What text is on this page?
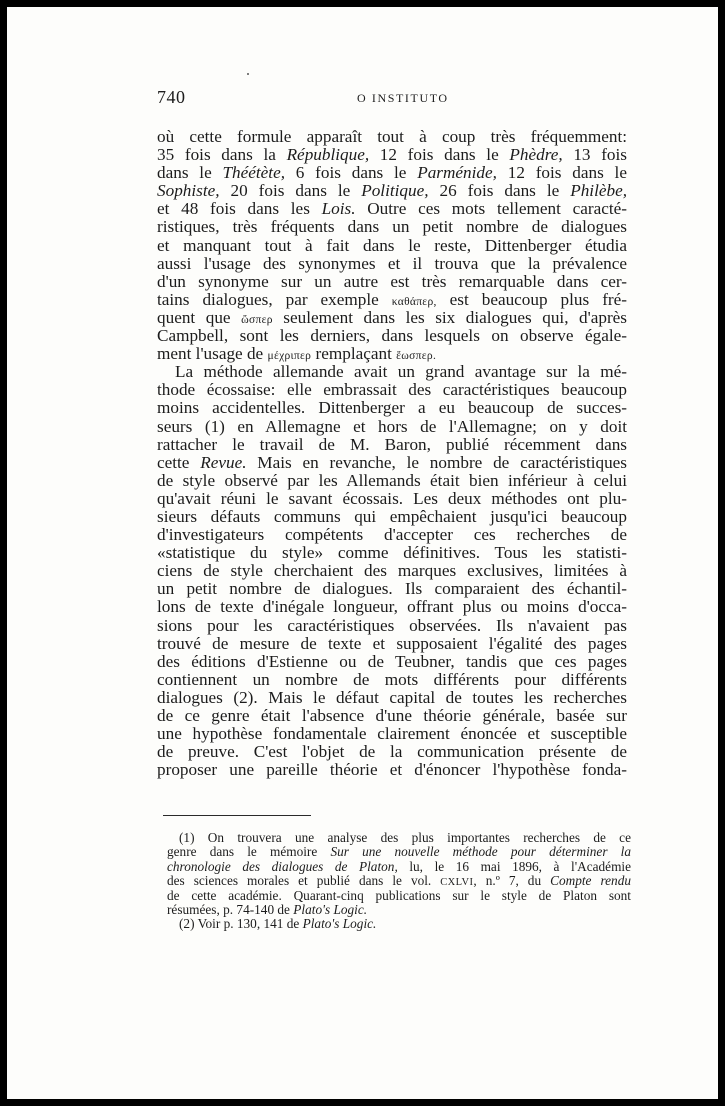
740	O INSTITUTO
où cette formule apparaît tout à coup très fréquemment:
35 fois dans la République, 12 fois dans le Phèdre, 13 fois
dans le Théétète, 6 fois dans le Parménide, 12 fois dans le
Sophiste, 20 fois dans le Politique, 26 fois dans le Philèbe,
et 48 fois dans les Lois. Outre ces mots tellement caracté-
ristiques, très fréquents dans un petit nombre de dialogues
et manquant tout à fait dans le reste, Dittenberger étudia
aussi l'usage des synonymes et il trouva que la prévalence
d'un synonyme sur un autre est très remarquable dans cer-
tains dialogues, par exemple καθάπερ, est beaucoup plus fré-
quent que ὥσπερ seulement dans les six dialogues qui, d'après
Campbell, sont les derniers, dans lesquels on observe égale-
ment l'usage de μέχριπερ remplaçant ἕωσπερ.
La méthode allemande avait un grand avantage sur la mé-
thode écossaise: elle embrassait des caractéristiques beaucoup
moins accidentelles. Dittenberger a eu beaucoup de succes-
seurs (1) en Allemagne et hors de l'Allemagne; on y doit
rattacher le travail de M. Baron, publié récemment dans
cette Revue. Mais en revanche, le nombre de caractéristiques
de style observé par les Allemands était bien inférieur à celui
qu'avait réuni le savant écossais. Les deux méthodes ont plu-
sieurs défauts communs qui empêchaient jusqu'ici beaucoup
d'investigateurs compétents d'accepter ces recherches de
«statistique du style» comme définitives. Tous les statisti-
ciens de style cherchaient des marques exclusives, limitées à
un petit nombre de dialogues. Ils comparaient des échantil-
lons de texte d'inégale longueur, offrant plus ou moins d'occa-
sions pour les caractéristiques observées. Ils n'avaient pas
trouvé de mesure de texte et supposaient l'égalité des pages
des éditions d'Estienne ou de Teubner, tandis que ces pages
contiennent un nombre de mots différents pour différents
dialogues (2). Mais le défaut capital de toutes les recherches
de ce genre était l'absence d'une théorie générale, basée sur
une hypothèse fondamentale clairement énoncée et susceptible
de preuve. C'est l'objet de la communication présente de
proposer une pareille théorie et d'énoncer l'hypothèse fonda-
(1) On trouvera une analyse des plus importantes recherches de ce
genre dans le mémoire Sur une nouvelle méthode pour déterminer la
chronologie des dialogues de Platon, lu, le 16 mai 1896, à l'Académie
des sciences morales et publié dans le vol. CXLVI, n.º 7, du Compte rendu
de cette académie. Quarant-cinq publications sur le style de Platon sont
résumées, p. 74-140 de Plato's Logic.
(2) Voir p. 130, 141 de Plato's Logic.
